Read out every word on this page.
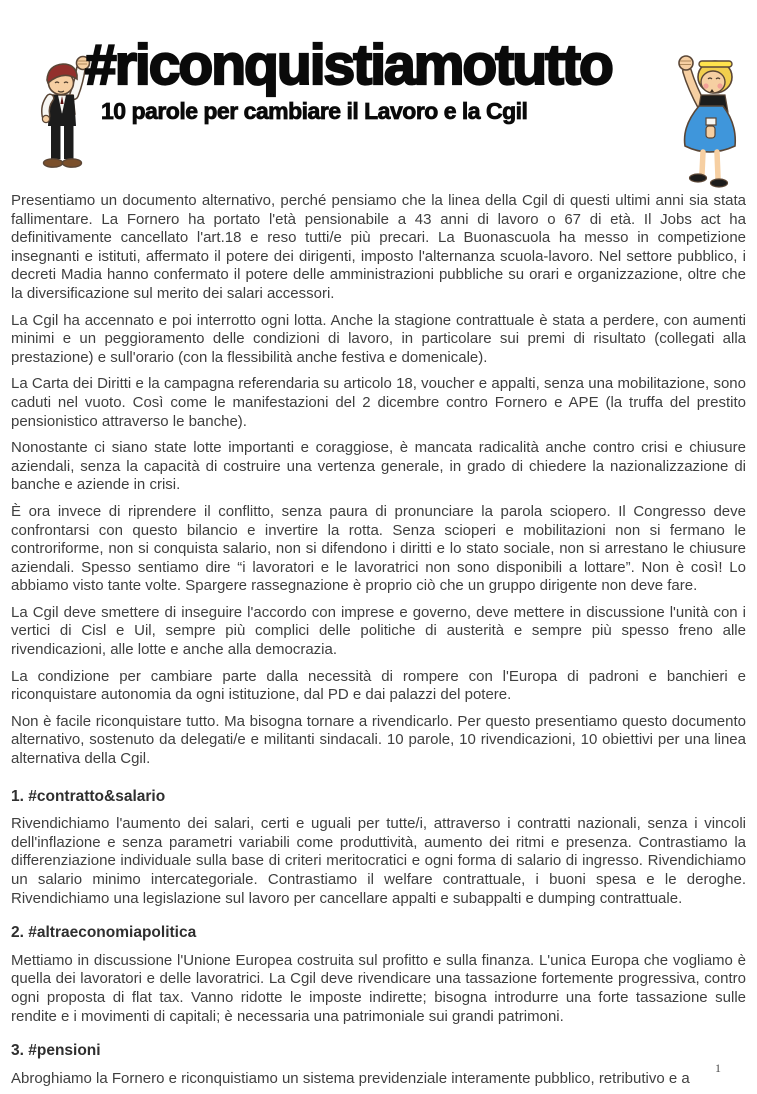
#riconquistiamotutto
10 parole per cambiare il Lavoro e la Cgil

Presentiamo un documento alternativo, perché pensiamo che la linea della Cgil di questi ultimi anni sia stata fallimentare. La Fornero ha portato l'età pensionabile a 43 anni di lavoro o 67 di età. Il Jobs act ha definitivamente cancellato l'art.18 e reso tutti/e più precari. La Buonascuola ha messo in competizione insegnanti e istituti, affermato il potere dei dirigenti, imposto l'alternanza scuola-lavoro. Nel settore pubblico, i decreti Madia hanno confermato il potere delle amministrazioni pubbliche su orari e organizzazione, oltre che la diversificazione sul merito dei salari accessori.

La Cgil ha accennato e poi interrotto ogni lotta. Anche la stagione contrattuale è stata a perdere, con aumenti minimi e un peggioramento delle condizioni di lavoro, in particolare sui premi di risultato (collegati alla prestazione) e sull'orario (con la flessibilità anche festiva e domenicale).

La Carta dei Diritti e la campagna referendaria su articolo 18, voucher e appalti, senza una mobilitazione, sono caduti nel vuoto. Così come le manifestazioni del 2 dicembre contro Fornero e APE (la truffa del prestito pensionistico attraverso le banche).

Nonostante ci siano state lotte importanti e coraggiose, è mancata radicalità anche contro crisi e chiusure aziendali, senza la capacità di costruire una vertenza generale, in grado di chiedere la nazionalizzazione di banche e aziende in crisi.

È ora invece di riprendere il conflitto, senza paura di pronunciare la parola sciopero. Il Congresso deve confrontarsi con questo bilancio e invertire la rotta. Senza scioperi e mobilitazioni non si fermano le controriforme, non si conquista salario, non si difendono i diritti e lo stato sociale, non si arrestano le chiusure aziendali. Spesso sentiamo dire “i lavoratori e le lavoratrici non sono disponibili a lottare”. Non è così! Lo abbiamo visto tante volte. Spargere rassegnazione è proprio ciò che un gruppo dirigente non deve fare.

La Cgil deve smettere di inseguire l'accordo con imprese e governo, deve mettere in discussione l'unità con i vertici di Cisl e Uil, sempre più complici delle politiche di austerità e sempre più spesso freno alle rivendicazioni, alle lotte e anche alla democrazia.

La condizione per cambiare parte dalla necessità di rompere con l'Europa di padroni e banchieri e riconquistare autonomia da ogni istituzione, dal PD e dai palazzi del potere.

Non è facile riconquistare tutto. Ma bisogna tornare a rivendicarlo. Per questo presentiamo questo documento alternativo, sostenuto da delegati/e e militanti sindacali. 10 parole, 10 rivendicazioni, 10 obiettivi per una linea alternativa della Cgil.

1. #contratto&salario

Rivendichiamo l'aumento dei salari, certi e uguali per tutte/i, attraverso i contratti nazionali, senza i vincoli dell'inflazione e senza parametri variabili come produttività, aumento dei ritmi e presenza. Contrastiamo la differenziazione individuale sulla base di criteri meritocratici e ogni forma di salario di ingresso. Rivendichiamo un salario minimo intercategoriale. Contrastiamo il welfare contrattuale, i buoni spesa e le deroghe. Rivendichiamo una legislazione sul lavoro per cancellare appalti e subappalti e dumping contrattuale.

2. #altraeconomiapolitica

Mettiamo in discussione l'Unione Europea costruita sul profitto e sulla finanza. L'unica Europa che vogliamo è quella dei lavoratori e delle lavoratrici. La Cgil deve rivendicare una tassazione fortemente progressiva, contro ogni proposta di flat tax. Vanno ridotte le imposte indirette; bisogna introdurre una forte tassazione sulle rendite e i movimenti di capitali; è necessaria una patrimoniale sui grandi patrimoni.

3. #pensioni

Abroghiamo la Fornero e riconquistiamo un sistema previdenziale interamente pubblico, retributivo e a

1
